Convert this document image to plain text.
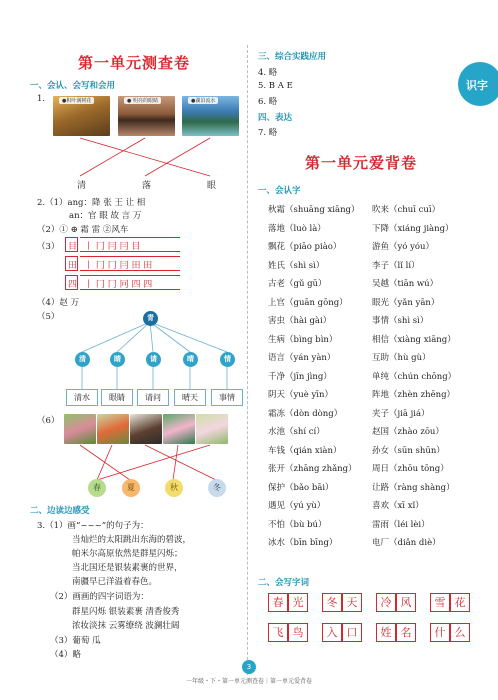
第一单元测查卷
一、会认、会写和会用
1.	●积叶满树花	● 明亮的眼睛	●湖泊流水
清	落	眼
2.（1）ang：降 张 王 让 相
an：官 眼 故 言 万
（2）① ⊕ 霜 雷 ②风车
（3） 目 丨 冂 冃 冃 目
田 丨 冂 冂 冃 田 田
四 丨 冂 冂 冋 四 四
（4）赵 万
（5）	青
清	睛	请	晴	情
清水	眼睛	请问	晴天	事情
（6）
春	夏	秋	冬
二、边读边感受
3.（1）画“~~~”的句子为：
当灿烂的太阳跳出东海的碧波，
帕米尔高原依然是群星闪烁；
当北国还是银装素裹的世界，
南疆早已洋溢着春色。
（2）画画的四字词语为：
群星闪烁 银装素裹 清香俊秀
浓妆淡抹 云雾缭绕 波澜壮阔
（3）葡萄 瓜
（4）略
三、综合实践应用
4. 略
5. B A E
6. 略
四、表达
7. 略
识字
第一单元爱背卷
一、会认字
秋霜（shuāng xiāng） 吹来（chuī cuī）
落地（luò là）	下降（xiáng jiàng）
飘花（piāo piào）	游鱼（yó yóu）
姓氏（shì sì）	李子（lǐ lí）
古老（gǔ gū）	吴越（tiān wú）
上官（guān gōng）	眼光（yǎn yān）
害虫（hài gài）	事情（shì sì）
生病（bìng bìn）	相信（xiàng xiāng）
语言（yán yàn）	互助（hù gù）
千净（jīn jìng）	单纯（chún chōng）
阴天（yuè yīn）	阵地（zhèn zhēng）
霜冻（dòn dòng）	夹子（jiā jiá）
水池（shí cí）	赵国（zhào zōu）
车钱（qián xiàn）	孙女（sūn shūn）
张开（zhāng zhǎng） 周日（zhōu tōng）
保护（bǎo bāi）	让路（ràng shàng）
遇见（yú yù）	喜欢（xī xǐ）
不怕（bù bú）	雷雨（léi lèi）
冰水（bīn bīng）	电厂（diǎn diè）
二、会写字词
春 光	冬 天	冷 风	雪 花
飞 鸟	入 口	姓 名	什 么
3
一年级・下・第一单元测查卷｜第一单元爱背卷
